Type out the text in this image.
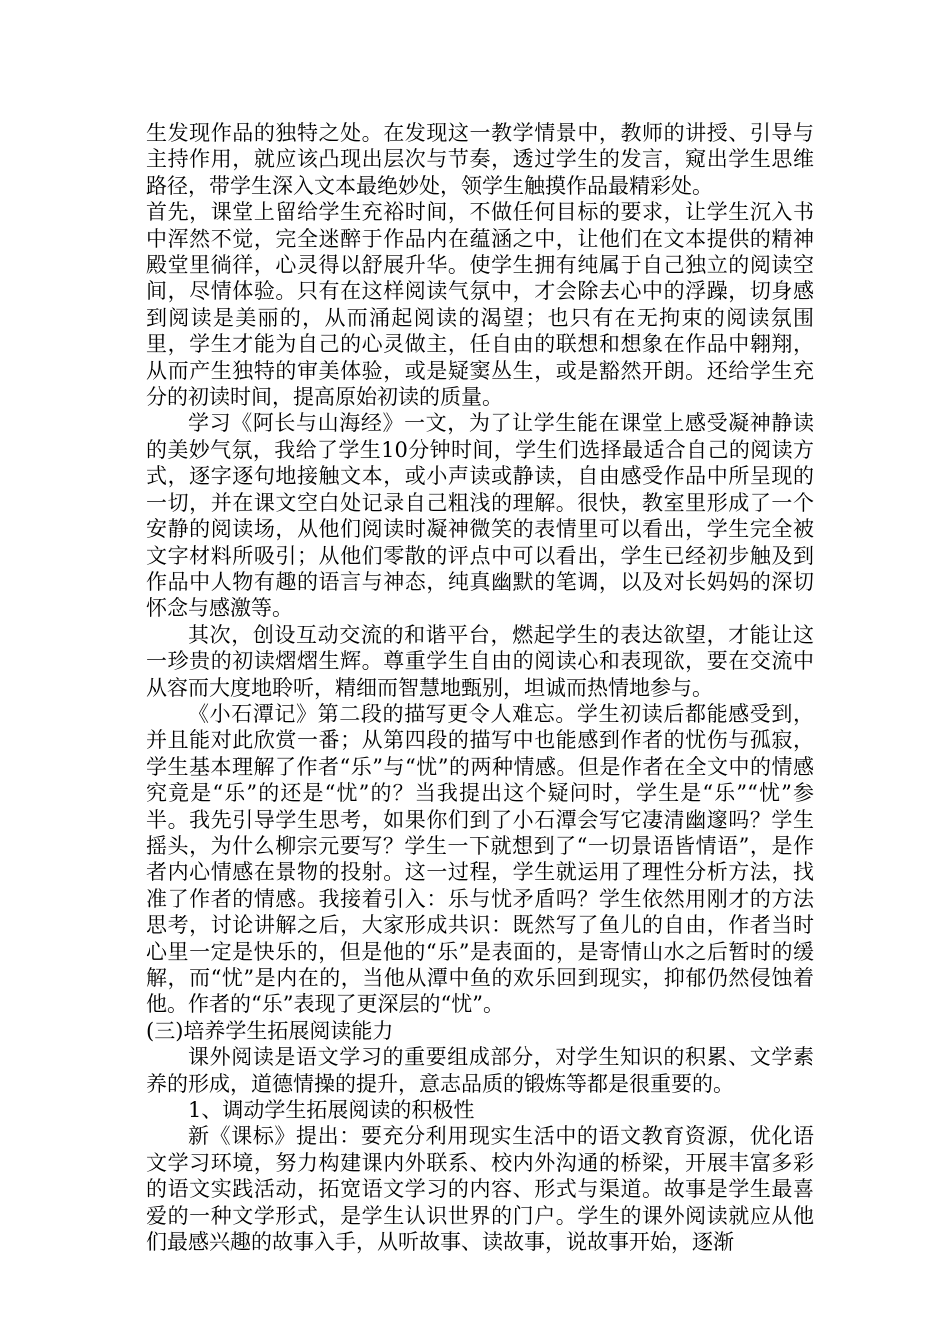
生发现作品的独特之处。在发现这一教学情景中，教师的讲授、引导与主持作用，就应该凸现出层次与节奏，透过学生的发言，窥出学生思维路径，带学生深入文本最绝妙处，领学生触摸作品最精彩处。

首先，课堂上留给学生充裕时间，不做任何目标的要求，让学生沉入书中浑然不觉，完全迷醉于作品内在蕴涵之中，让他们在文本提供的精神殿堂里徜徉，心灵得以舒展升华。使学生拥有纯属于自己独立的阅读空间，尽情体验。只有在这样阅读气氛中，才会除去心中的浮躁，切身感到阅读是美丽的，从而涌起阅读的渴望；也只有在无拘束的阅读氛围里，学生才能为自己的心灵做主，任自由的联想和想象在作品中翱翔，从而产生独特的审美体验，或是疑窦丛生，或是豁然开朗。还给学生充分的初读时间，提高原始初读的质量。

学习《阿长与山海经》一文，为了让学生能在课堂上感受凝神静读的美妙气氛，我给了学生10分钟时间，学生们选择最适合自己的阅读方式，逐字逐句地接触文本，或小声读或静读，自由感受作品中所呈现的一切，并在课文空白处记录自己粗浅的理解。很快，教室里形成了一个安静的阅读场，从他们阅读时凝神微笑的表情里可以看出，学生完全被文字材料所吸引；从他们零散的评点中可以看出，学生已经初步触及到作品中人物有趣的语言与神态，纯真幽默的笔调，以及对长妈妈的深切怀念与感激等。

其次，创设互动交流的和谐平台，燃起学生的表达欲望，才能让这一珍贵的初读熠熠生辉。尊重学生自由的阅读心和表现欲，要在交流中从容而大度地聆听，精细而智慧地甄别，坦诚而热情地参与。

《小石潭记》第二段的描写更令人难忘。学生初读后都能感受到，并且能对此欣赏一番；从第四段的描写中也能感到作者的忧伤与孤寂，学生基本理解了作者“乐”与“忧”的两种情感。但是作者在全文中的情感究竟是“乐”的还是“忧”的？当我提出这个疑问时，学生是“乐”“忧”参半。我先引导学生思考，如果你们到了小石潭会写它凄清幽邃吗？学生摇头，为什么柳宗元要写？学生一下就想到了“一切景语皆情语”，是作者内心情感在景物的投射。这一过程，学生就运用了理性分析方法，找准了作者的情感。我接着引入：乐与忧矛盾吗？学生依然用刚才的方法思考，讨论讲解之后，大家形成共识：既然写了鱼儿的自由，作者当时心里一定是快乐的，但是他的“乐”是表面的，是寄情山水之后暂时的缓解，而“忧”是内在的，当他从潭中鱼的欢乐回到现实，抑郁仍然侵蚀着他。作者的“乐”表现了更深层的“忧”。

(三)培养学生拓展阅读能力

课外阅读是语文学习的重要组成部分，对学生知识的积累、文学素养的形成，道德情操的提升，意志品质的锻炼等都是很重要的。

1、调动学生拓展阅读的积极性

新《课标》提出：要充分利用现实生活中的语文教育资源，优化语文学习环境，努力构建课内外联系、校内外沟通的桥梁，开展丰富多彩的语文实践活动，拓宽语文学习的内容、形式与渠道。故事是学生最喜爱的一种文学形式，是学生认识世界的门户。学生的课外阅读就应从他们最感兴趣的故事入手，从听故事、读故事，说故事开始，逐渐
